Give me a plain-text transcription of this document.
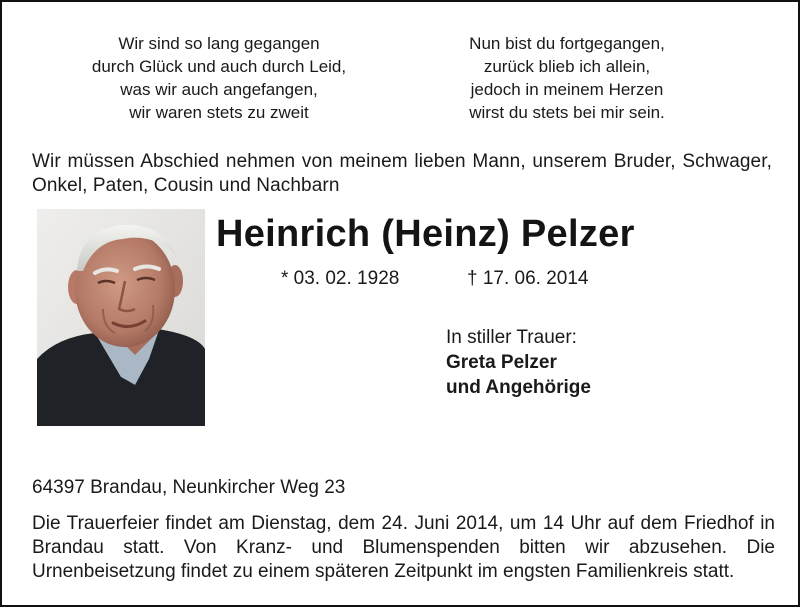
Wir sind so lang gegangen
durch Glück und auch durch Leid,
was wir auch angefangen,
wir waren stets zu zweit
Nun bist du fortgegangen,
zurück blieb ich allein,
jedoch in meinem Herzen
wirst du stets bei mir sein.
Wir müssen Abschied nehmen von meinem lieben Mann, unserem Bruder, Schwager, Onkel, Paten, Cousin und Nachbarn
Heinrich (Heinz) Pelzer
* 03. 02. 1928	† 17. 06. 2014
In stiller Trauer:
Greta Pelzer
und Angehörige
64397 Brandau, Neunkircher Weg 23
Die Trauerfeier findet am Dienstag, dem 24. Juni 2014, um 14 Uhr auf dem Friedhof in Brandau statt. Von Kranz- und Blumenspenden bitten wir abzusehen. Die Urnenbeisetzung findet zu einem späteren Zeitpunkt im engsten Familienkreis statt.
